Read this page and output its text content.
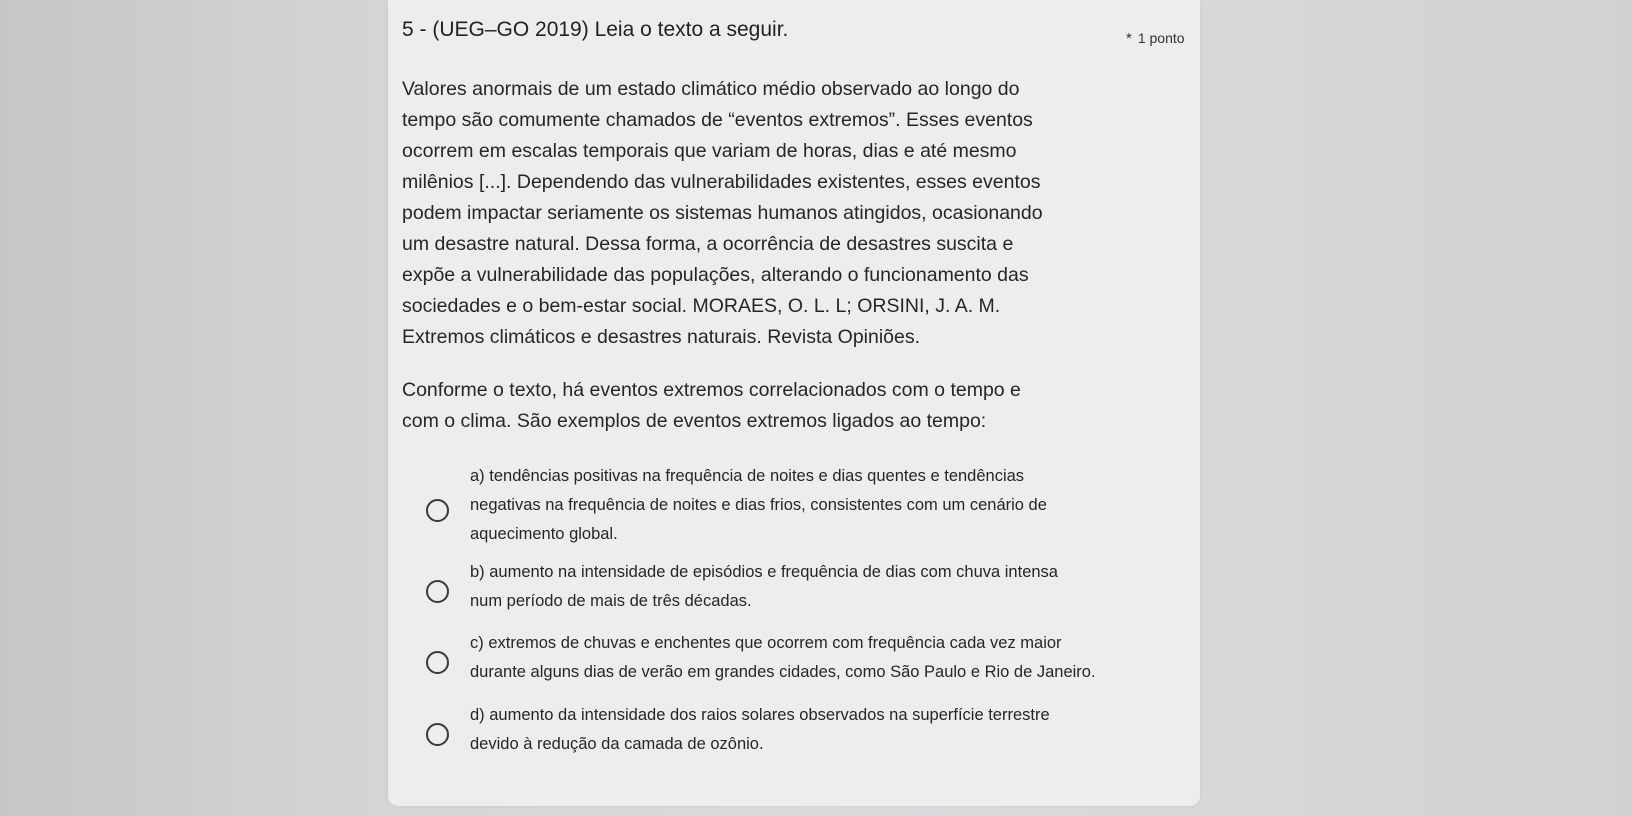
5 - (UEG–GO 2019) Leia o texto a seguir.	* 1 ponto

Valores anormais de um estado climático médio observado ao longo do
tempo são comumente chamados de “eventos extremos”. Esses eventos
ocorrem em escalas temporais que variam de horas, dias e até mesmo
milênios [...]. Dependendo das vulnerabilidades existentes, esses eventos
podem impactar seriamente os sistemas humanos atingidos, ocasionando
um desastre natural. Dessa forma, a ocorrência de desastres suscita e
expõe a vulnerabilidade das populações, alterando o funcionamento das
sociedades e o bem-estar social. MORAES, O. L. L; ORSINI, J. A. M.
Extremos climáticos e desastres naturais. Revista Opiniões.

Conforme o texto, há eventos extremos correlacionados com o tempo e
com o clima. São exemplos de eventos extremos ligados ao tempo:

a) tendências positivas na frequência de noites e dias quentes e tendências
negativas na frequência de noites e dias frios, consistentes com um cenário de
aquecimento global.
b) aumento na intensidade de episódios e frequência de dias com chuva intensa
num período de mais de três décadas.
c) extremos de chuvas e enchentes que ocorrem com frequência cada vez maior
durante alguns dias de verão em grandes cidades, como São Paulo e Rio de Janeiro.
d) aumento da intensidade dos raios solares observados na superfície terrestre
devido à redução da camada de ozônio.
